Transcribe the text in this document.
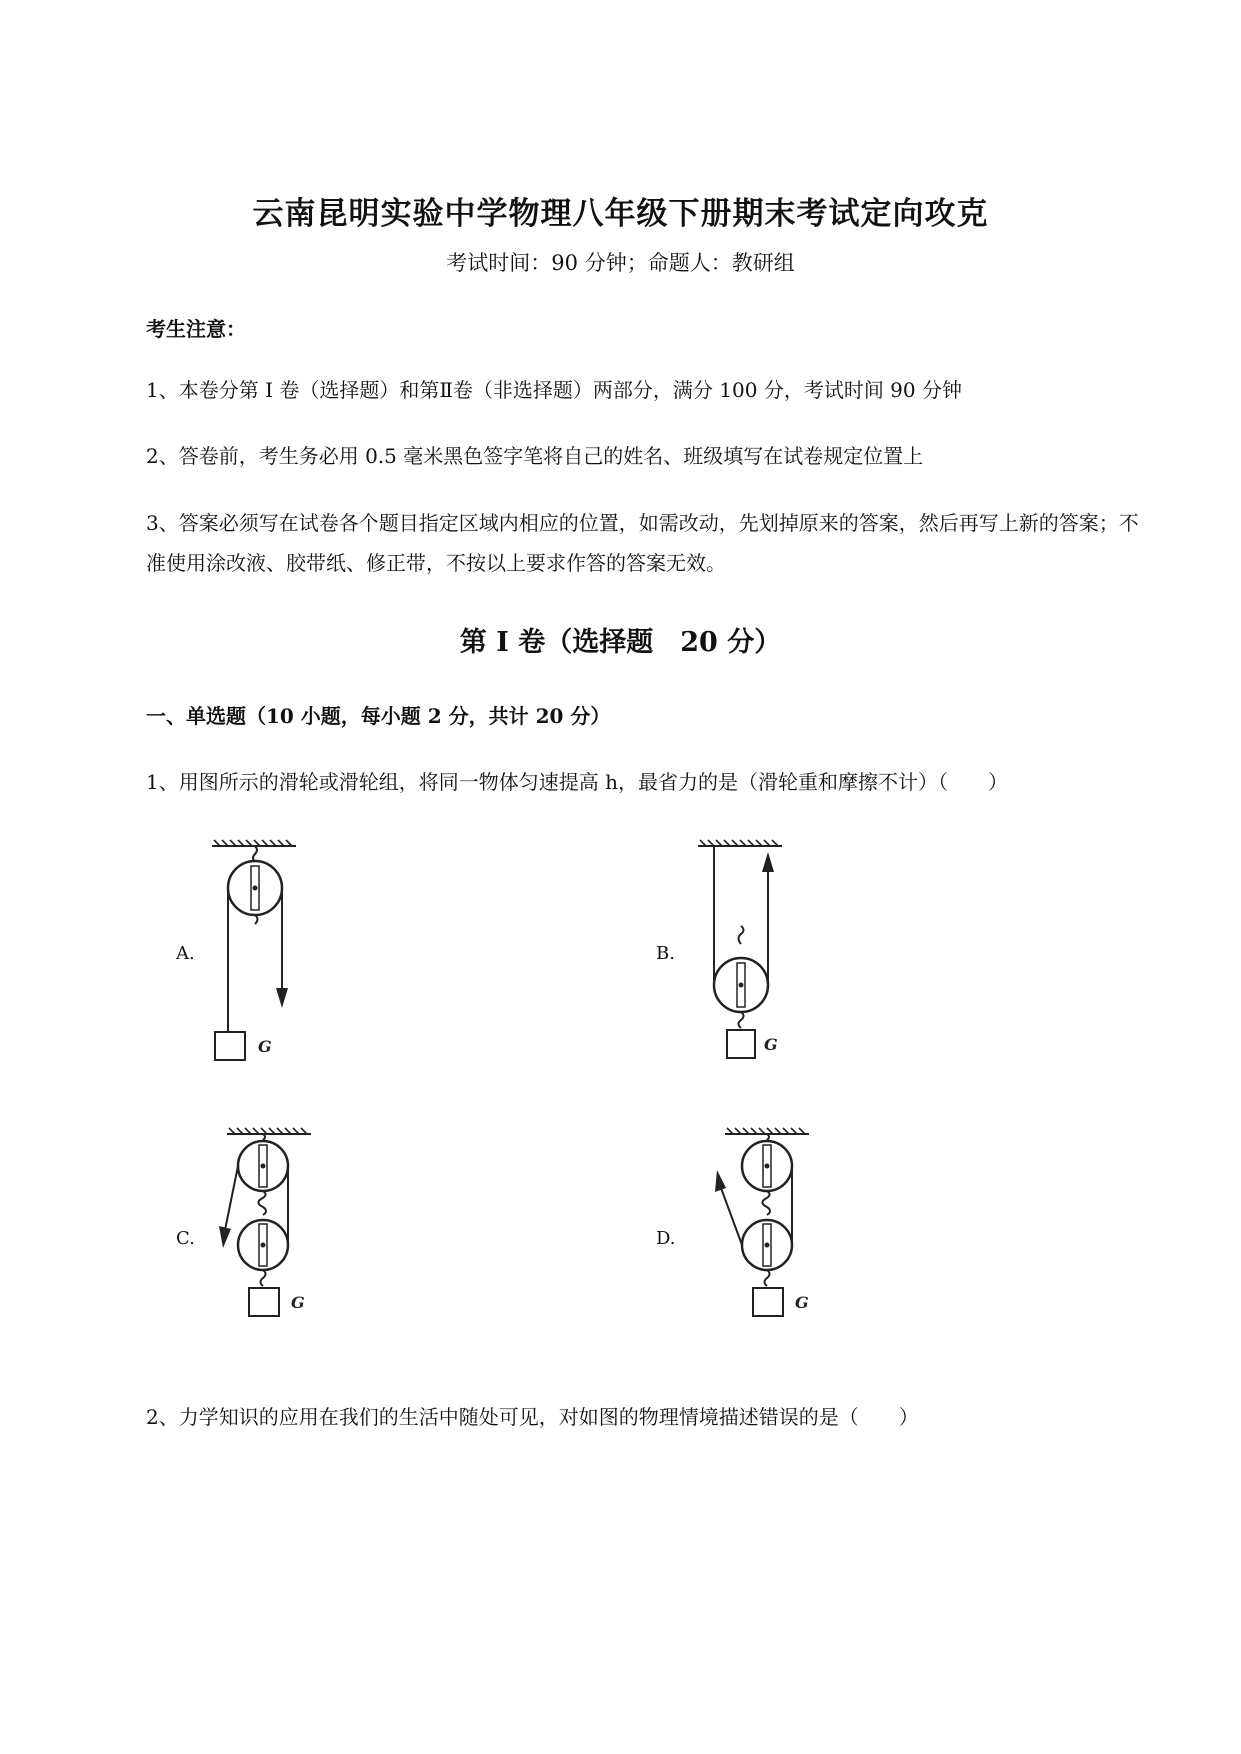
云南昆明实验中学物理八年级下册期末考试定向攻克
考试时间：90 分钟；命题人：教研组
考生注意：
1、本卷分第 I 卷（选择题）和第Ⅱ卷（非选择题）两部分，满分 100 分，考试时间 90 分钟
2、答卷前，考生务必用 0.5 毫米黑色签字笔将自己的姓名、班级填写在试卷规定位置上
3、答案必须写在试卷各个题目指定区域内相应的位置，如需改动，先划掉原来的答案，然后再写上新的答案；不准使用涂改液、胶带纸、修正带，不按以上要求作答的答案无效。
第 I 卷（选择题　20 分）
一、单选题（10 小题，每小题 2 分，共计 20 分）
1、用图所示的滑轮或滑轮组，将同一物体匀速提高 h，最省力的是（滑轮重和摩擦不计）（　　）
A.
G
B.
G
C.
G
D.
G
2、力学知识的应用在我们的生活中随处可见，对如图的物理情境描述错误的是（　　）
